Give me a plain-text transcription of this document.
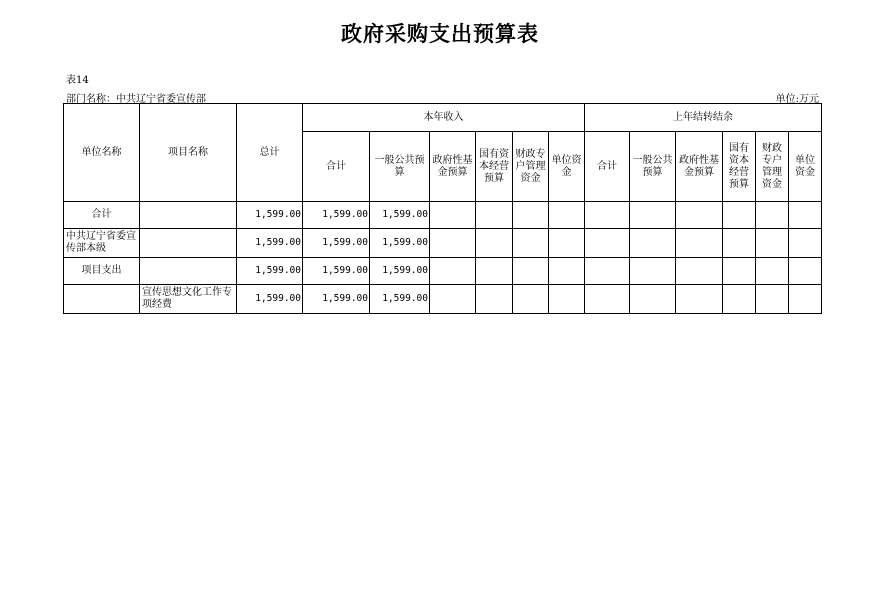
政府采购支出预算表
表14
部门名称：中共辽宁省委宣传部	单位:万元
单位名称	项目名称	总计	本年收入						上年结转结余					
			合计	一般公共预算	政府性基金预算	国有资本经营预算	财政专户管理资金	单位资金	合计	一般公共预算	政府性基金预算	国有资本经营预算	财政专户管理资金	单位资金
合计		1,599.00	1,599.00	1,599.00										
中共辽宁省委宣传部本级		1,599.00	1,599.00	1,599.00										
项目支出		1,599.00	1,599.00	1,599.00										
	宣传思想文化工作专项经费	1,599.00	1,599.00	1,599.00										
